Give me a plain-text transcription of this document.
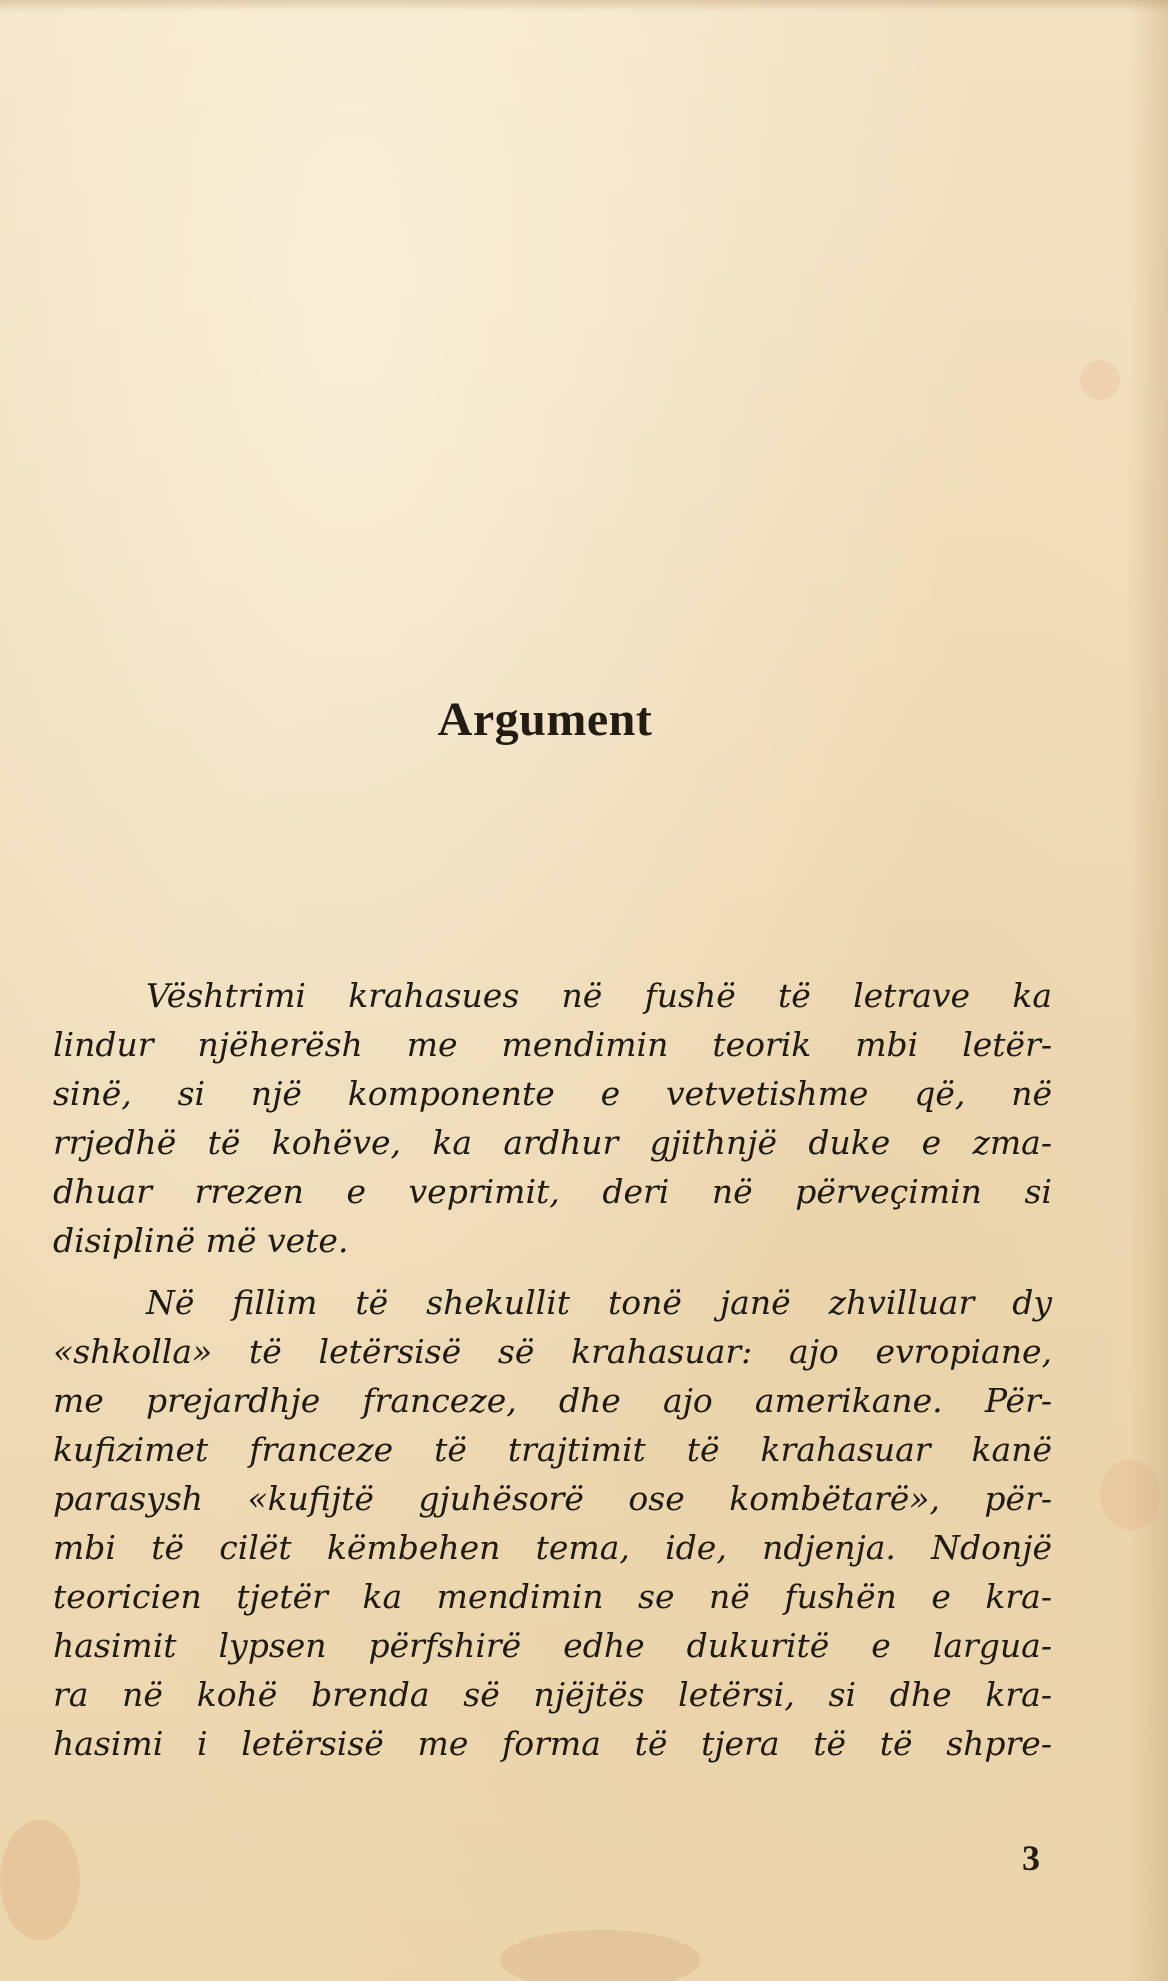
Argument
Vështrimi krahasues në fushë të letrave ka
lindur njëherësh me mendimin teorik mbi letër-
sinë, si një komponente e vetvetishme që, në
rrjedhë të kohëve, ka ardhur gjithnjë duke e zma-
dhuar rrezen e veprimit, deri në përveçimin si
disiplinë më vete.
Në fillim të shekullit tonë janë zhvilluar dy
«shkolla» të letërsisë së krahasuar: ajo evropiane,
me prejardhje franceze, dhe ajo amerikane. Për-
kufizimet franceze të trajtimit të krahasuar kanë
parasysh «kufijtë gjuhësorë ose kombëtarë», për-
mbi të cilët këmbehen tema, ide, ndjenja. Ndonjë
teoricien tjetër ka mendimin se në fushën e kra-
hasimit lypsen përfshirë edhe dukuritë e largua-
ra në kohë brenda së njëjtës letërsi, si dhe kra-
hasimi i letërsisë me forma të tjera të të shpre-
3
